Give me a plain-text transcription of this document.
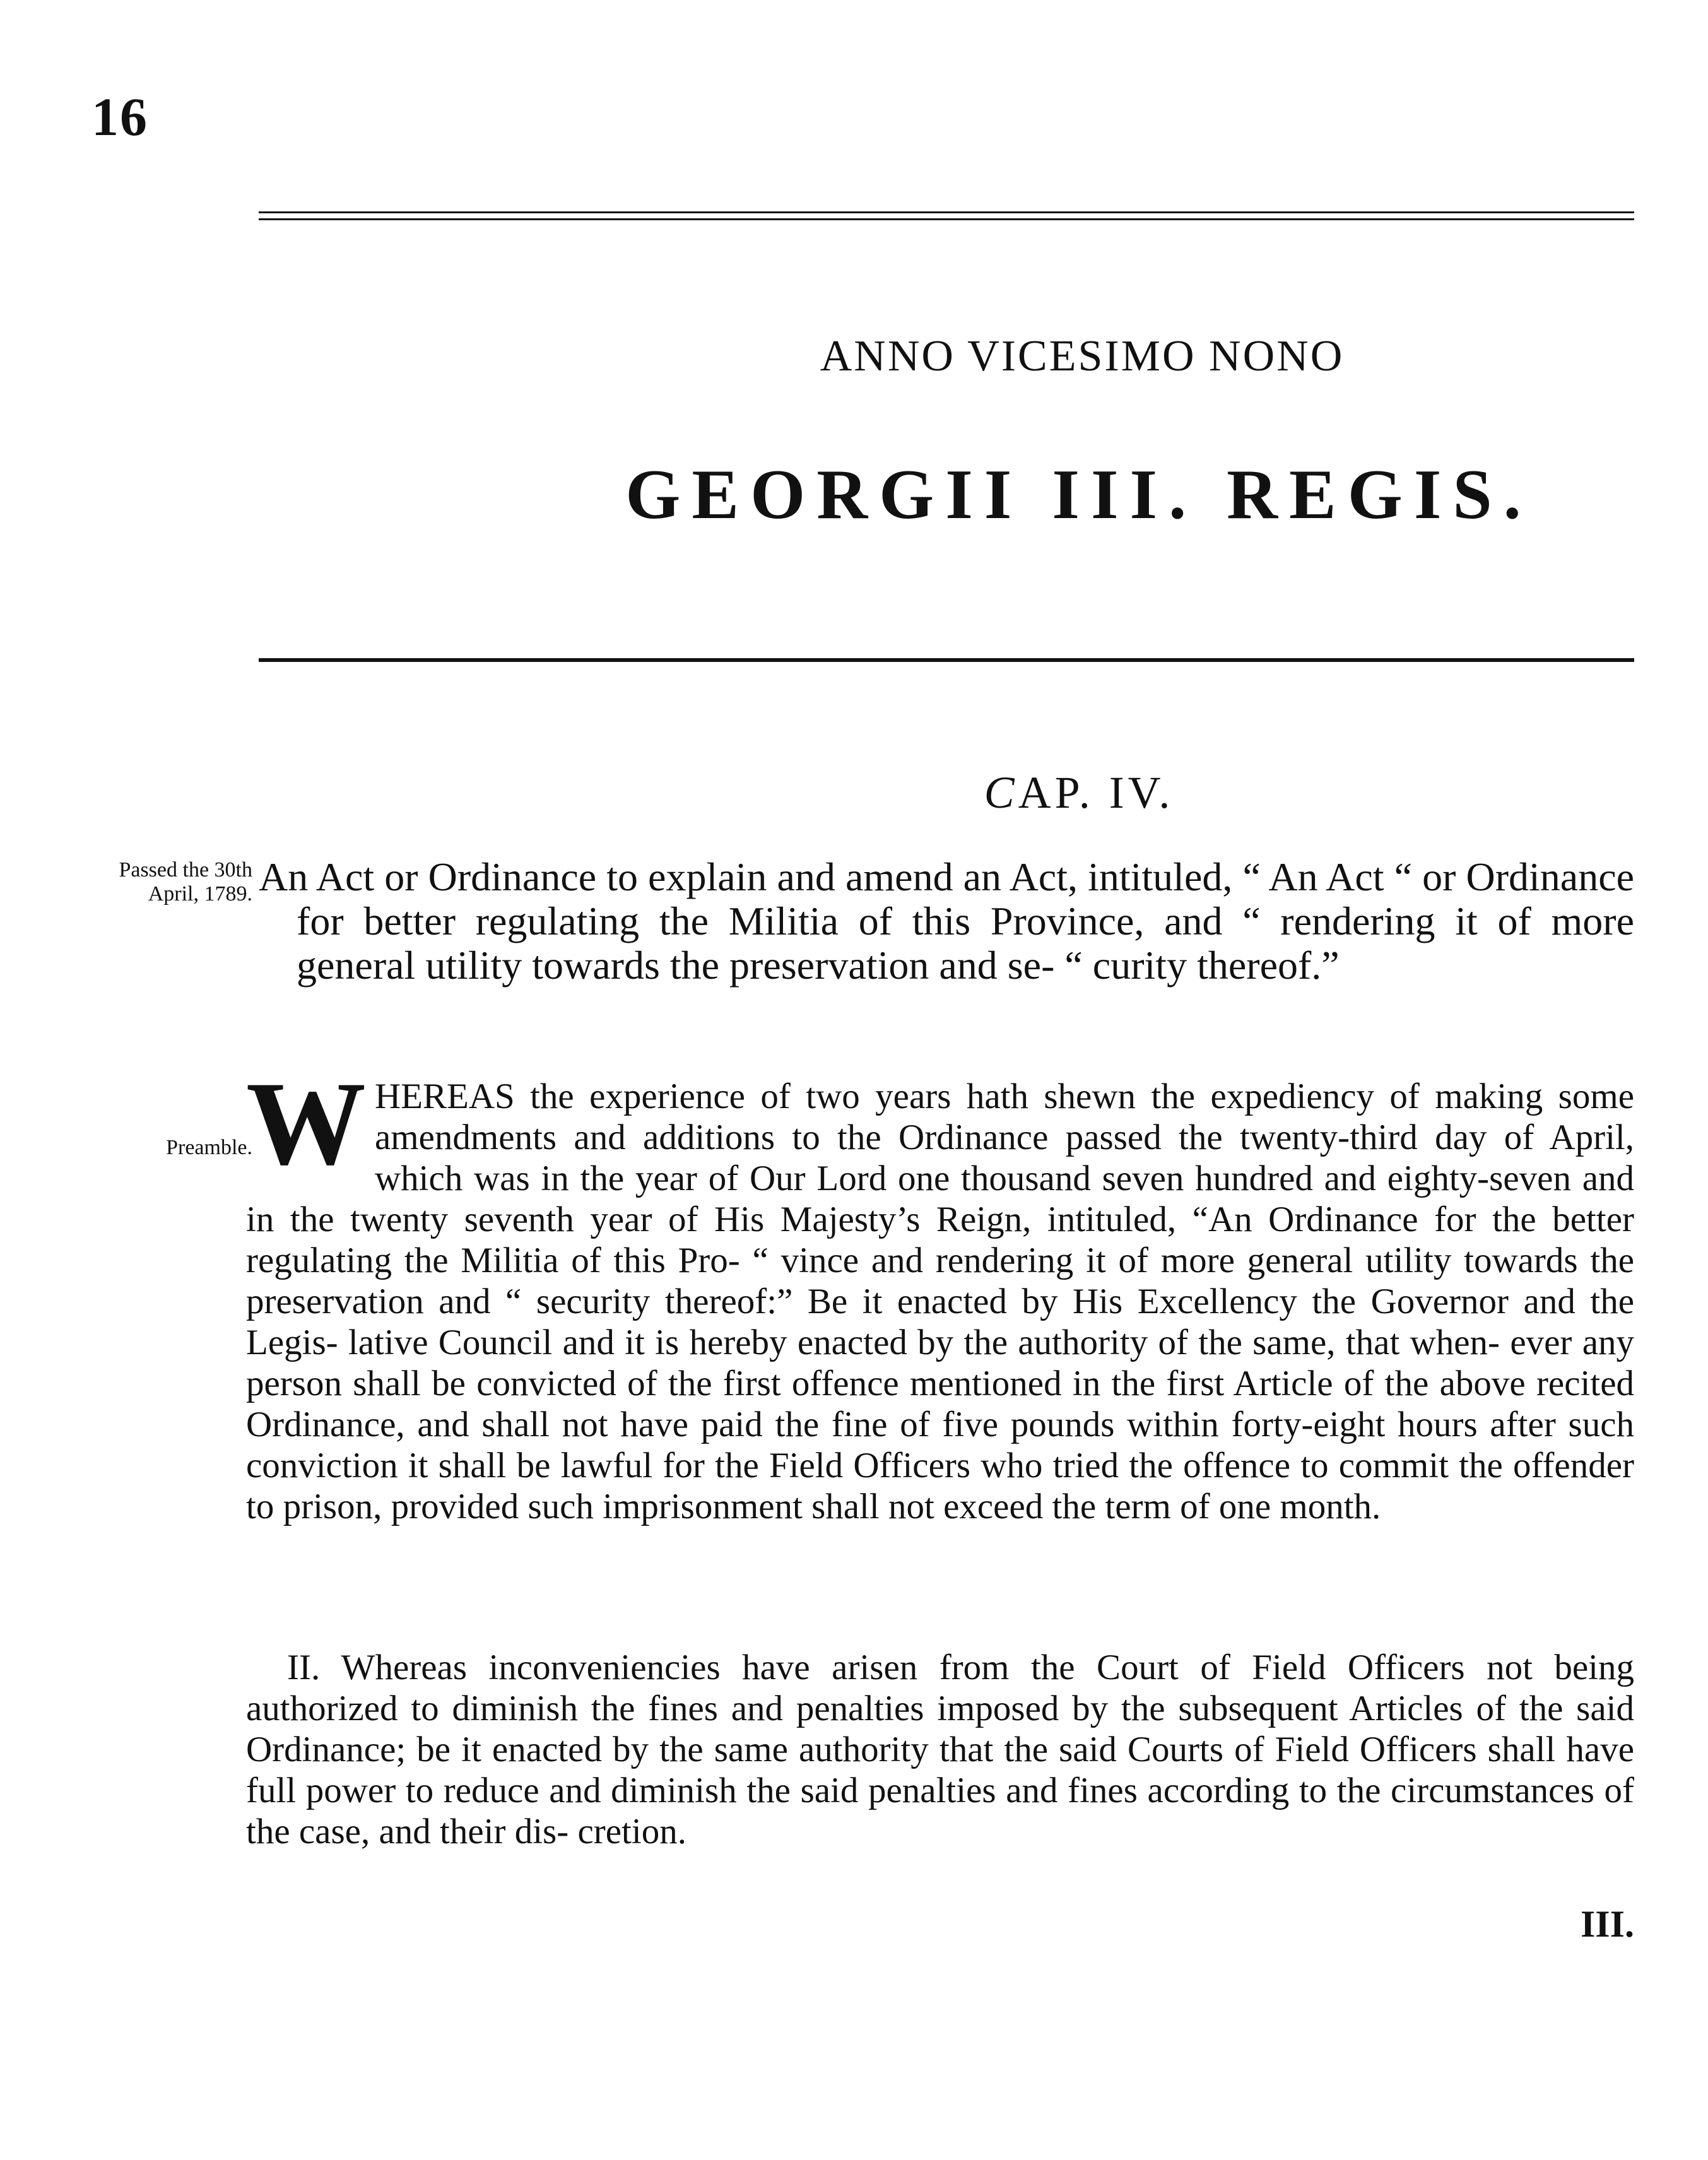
16
ANNO VICESIMO NONO
GEORGII III. REGIS.
CAP. IV.
Passed the 30th April, 1789. An Act or Ordinance to explain and amend an Act, intituled, “ An Act “ or Ordinance for better regulating the Militia of this Province, and “ rendering it of more general utility towards the preservation and se- “ curity thereof.”
Preamble.
WHEREAS the experience of two years hath shewn the expediency of making some amendments and additions to the Ordinance passed the twenty-third day of April, which was in the year of Our Lord one thousand seven hundred and eighty-seven and in the twenty seventh year of His Majesty’s Reign, intituled, “An Ordinance for the better regulating the Militia of this Pro- “ vince and rendering it of more general utility towards the preservation and “ security thereof:” Be it enacted by His Excellency the Governor and the Legis- lative Council and it is hereby enacted by the authority of the same, that when- ever any person shall be convicted of the first offence mentioned in the first Article of the above recited Ordinance, and shall not have paid the fine of five pounds within forty-eight hours after such conviction it shall be lawful for the Field Officers who tried the offence to commit the offender to prison, provided such imprisonment shall not exceed the term of one month.
II. Whereas inconveniencies have arisen from the Court of Field Officers not being authorized to diminish the fines and penalties imposed by the subsequent Articles of the said Ordinance; be it enacted by the same authority that the said Courts of Field Officers shall have full power to reduce and diminish the said penalties and fines according to the circumstances of the case, and their dis- cretion.
III.
